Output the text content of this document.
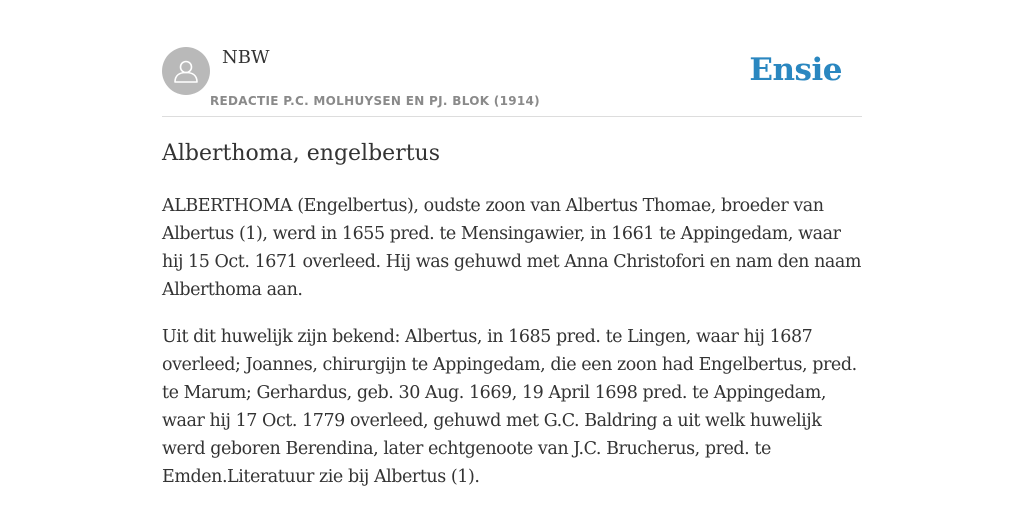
NBW
REDACTIE P.C. MOLHUYSEN EN PJ. BLOK (1914)
Ensie
Alberthoma, engelbertus

ALBERTHOMA (Engelbertus), oudste zoon van Albertus Thomae, broeder van Albertus (1), werd in 1655 pred. te Mensingawier, in 1661 te Appingedam, waar hij 15 Oct. 1671 overleed. Hij was gehuwd met Anna Christofori en nam den naam Alberthoma aan.

Uit dit huwelijk zijn bekend: Albertus, in 1685 pred. te Lingen, waar hij 1687 overleed; Joannes, chirurgijn te Appingedam, die een zoon had Engelbertus, pred. te Marum; Gerhardus, geb. 30 Aug. 1669, 19 April 1698 pred. te Appingedam, waar hij 17 Oct. 1779 overleed, gehuwd met G.C. Baldring a uit welk huwelijk werd geboren Berendina, later echtgenoote van J.C. Brucherus, pred. te Emden.Literatuur zie bij Albertus (1).
